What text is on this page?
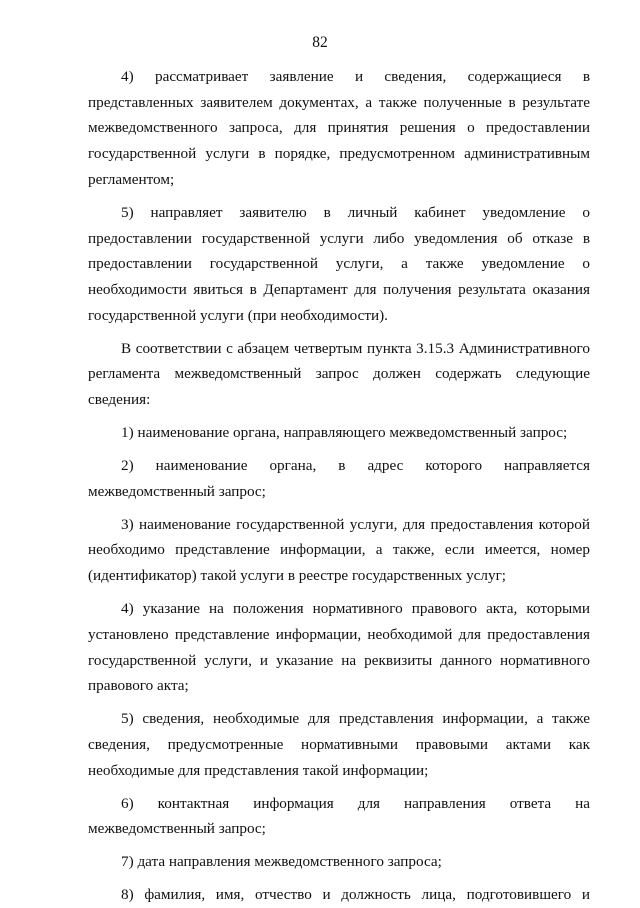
82

4) рассматривает заявление и сведения, содержащиеся в представленных заявителем документах, а также полученные в результате межведомственного запроса, для принятия решения о предоставлении государственной услуги в порядке, предусмотренном административным регламентом;

5) направляет заявителю в личный кабинет уведомление о предоставлении государственной услуги либо уведомления об отказе в предоставлении государственной услуги, а также уведомление о необходимости явиться в Департамент для получения результата оказания государственной услуги (при необходимости).

В соответствии с абзацем четвертым пункта 3.15.3 Административного регламента межведомственный запрос должен содержать следующие сведения:

1) наименование органа, направляющего межведомственный запрос;

2) наименование органа, в адрес которого направляется межведомственный запрос;

3) наименование государственной услуги, для предоставления которой необходимо представление информации, а также, если имеется, номер (идентификатор) такой услуги в реестре государственных услуг;

4) указание на положения нормативного правового акта, которыми установлено представление информации, необходимой для предоставления государственной услуги, и указание на реквизиты данного нормативного правового акта;

5) сведения, необходимые для представления информации, а также сведения, предусмотренные нормативными правовыми актами как необходимые для представления такой информации;

6) контактная информация для направления ответа на межведомственный запрос;

7) дата направления межведомственного запроса;

8) фамилия, имя, отчество и должность лица, подготовившего и
